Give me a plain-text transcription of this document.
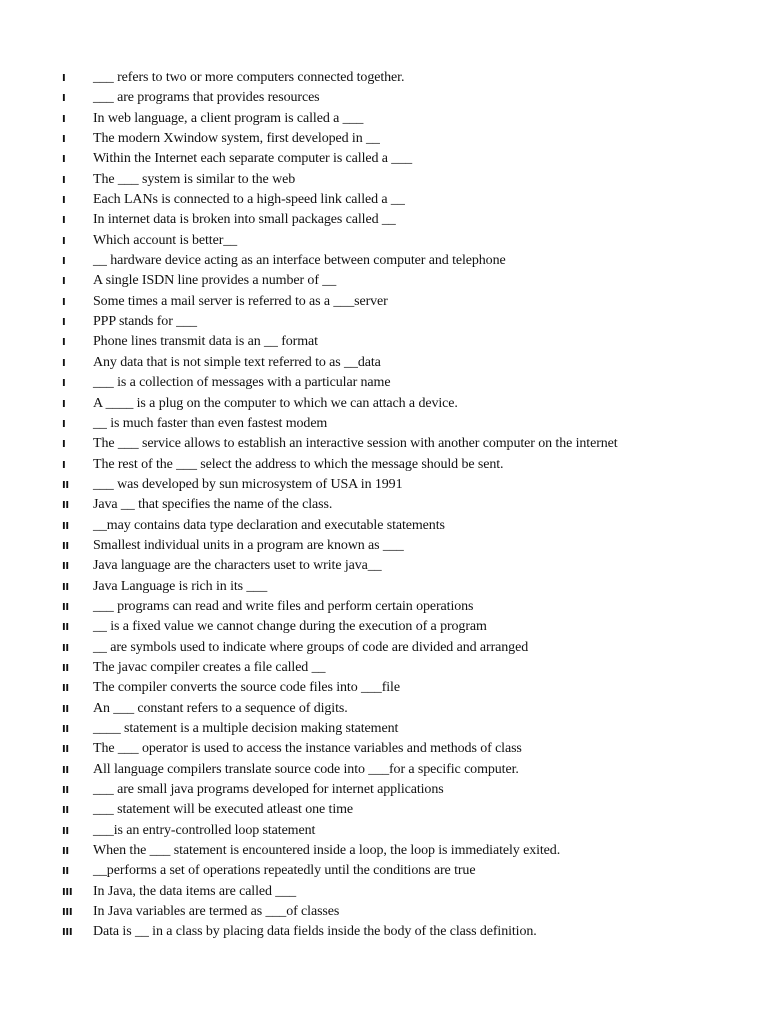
I	___ refers to two or more computers connected together.
I	___ are programs that provides resources
I	In web language, a client program is called a ___
I	The modern Xwindow system, first developed in __
I	Within the Internet each separate computer is called a ___
I	The ___ system is similar to the web
I	Each LANs is connected to a high-speed link called a __
I	In internet data is broken into small packages called __
I	Which account is better__
I	__ hardware device acting as an interface between computer and telephone
I	A single ISDN line provides a number of __
I	Some times a mail server is referred to as a ___server
I	PPP stands for ___
I	Phone lines transmit data is an __ format
I	Any data that is not simple text referred to as __data
I	___ is a collection of messages with a particular name
I	A ____ is a plug on the computer to which we can attach a device.
I	__ is much faster than even fastest modem
I	The ___ service allows to establish an interactive session with another computer on the internet
I	The rest of the ___ select the address to which the message should be sent.
II	___ was developed by sun microsystem of USA in 1991
II	Java __ that specifies the name of the class.
II	__may contains data type declaration and executable statements
II	Smallest individual units in a program are known as ___
II	Java language are the characters uset to write java__
II	Java Language is rich in its ___
II	___ programs can read and write files and perform certain operations
II	__ is a fixed value we cannot change during the execution of a program
II	__ are symbols used to indicate where groups of code are divided and arranged
II	The javac compiler creates a file called __
II	The compiler converts the source code files into ___file
II	An ___ constant refers to a sequence of digits.
II	____ statement is a multiple decision making statement
II	The ___ operator is used to access the instance variables and methods of class
II	All language compilers translate source code into ___for a specific computer.
II	___ are small java programs developed for internet applications
II	___ statement will be executed atleast one time
II	___is an entry-controlled loop statement
II	When the ___ statement is encountered inside a loop, the loop is immediately exited.
II	__performs a set of operations repeatedly until the conditions are true
III	In Java, the data items are called ___
III	In Java variables are termed as ___of classes
III	Data is __ in a class by placing data fields inside the body of the class definition.
